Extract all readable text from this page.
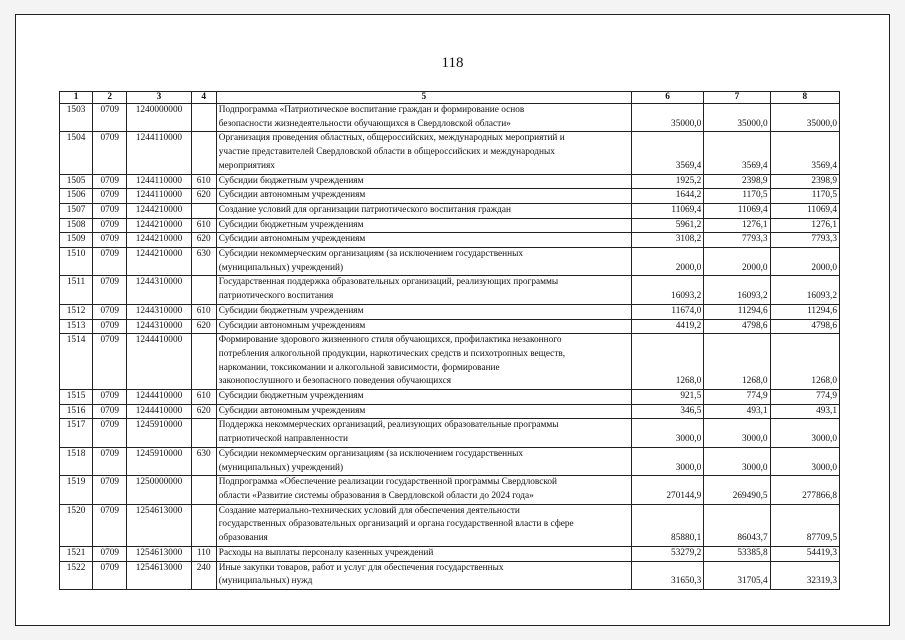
118
1	2	3	4	5	6	7	8
1503	0709	1240000000		Подпрограмма «Патриотическое воспитание граждан и формирование основ
безопасности жизнедеятельности обучающихся в Свердловской области»	35000,0	35000,0	35000,0
1504	0709	1244110000		Организация проведения областных, общероссийских, международных мероприятий и
участие представителей Свердловской области в общероссийских и международных
мероприятиях	3569,4	3569,4	3569,4
1505	0709	1244110000	610	Субсидии бюджетным учреждениям	1925,2	2398,9	2398,9
1506	0709	1244110000	620	Субсидии автономным учреждениям	1644,2	1170,5	1170,5
1507	0709	1244210000		Создание условий для организации патриотического воспитания граждан	11069,4	11069,4	11069,4
1508	0709	1244210000	610	Субсидии бюджетным учреждениям	5961,2	1276,1	1276,1
1509	0709	1244210000	620	Субсидии автономным учреждениям	3108,2	7793,3	7793,3
1510	0709	1244210000	630	Субсидии некоммерческим организациям (за исключением государственных
(муниципальных) учреждений)	2000,0	2000,0	2000,0
1511	0709	1244310000		Государственная поддержка образовательных организаций, реализующих программы
патриотического воспитания	16093,2	16093,2	16093,2
1512	0709	1244310000	610	Субсидии бюджетным учреждениям	11674,0	11294,6	11294,6
1513	0709	1244310000	620	Субсидии автономным учреждениям	4419,2	4798,6	4798,6
1514	0709	1244410000		Формирование здорового жизненного стиля обучающихся, профилактика незаконного
потребления алкогольной продукции, наркотических средств и психотропных веществ,
наркомании, токсикомании и алкогольной зависимости, формирование
законопослушного и безопасного поведения обучающихся	1268,0	1268,0	1268,0
1515	0709	1244410000	610	Субсидии бюджетным учреждениям	921,5	774,9	774,9
1516	0709	1244410000	620	Субсидии автономным учреждениям	346,5	493,1	493,1
1517	0709	1245910000		Поддержка некоммерческих организаций, реализующих образовательные программы
патриотической направленности	3000,0	3000,0	3000,0
1518	0709	1245910000	630	Субсидии некоммерческим организациям (за исключением государственных
(муниципальных) учреждений)	3000,0	3000,0	3000,0
1519	0709	1250000000		Подпрограмма «Обеспечение реализации государственной программы Свердловской
области «Развитие системы образования в Свердловской области до 2024 года»	270144,9	269490,5	277866,8
1520	0709	1254613000		Создание материально-технических условий для обеспечения деятельности
государственных образовательных организаций и органа государственной власти в сфере
образования	85880,1	86043,7	87709,5
1521	0709	1254613000	110	Расходы на выплаты персоналу казенных учреждений	53279,2	53385,8	54419,3
1522	0709	1254613000	240	Иные закупки товаров, работ и услуг для обеспечения государственных
(муниципальных) нужд	31650,3	31705,4	32319,3
